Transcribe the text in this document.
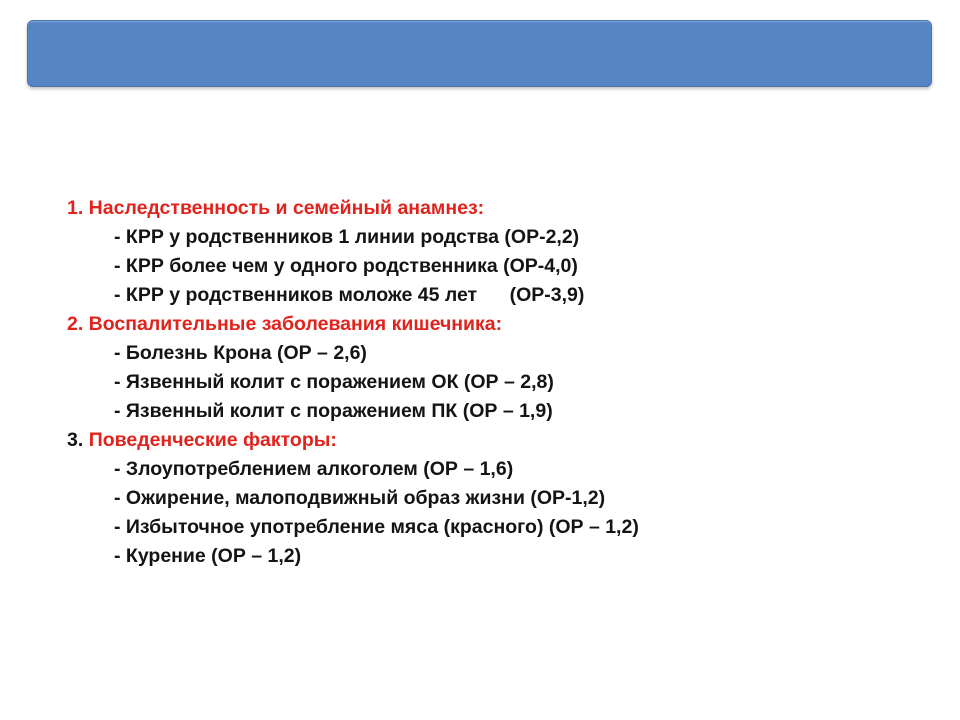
1. Наследственность и семейный анамнез:
- КРР у родственников 1 линии родства (ОР-2,2)
- КРР более чем у одного родственника (ОР-4,0)
- КРР у родственников моложе 45 лет      (ОР-3,9)
2. Воспалительные заболевания кишечника:
- Болезнь Крона (ОР – 2,6)
- Язвенный колит с поражением ОК (ОР – 2,8)
- Язвенный колит с поражением ПК (ОР – 1,9)
3. Поведенческие факторы:
- Злоупотреблением алкоголем (ОР – 1,6)
- Ожирение, малоподвижный образ жизни (ОР-1,2)
- Избыточное употребление мяса (красного) (ОР – 1,2)
- Курение (ОР – 1,2)
